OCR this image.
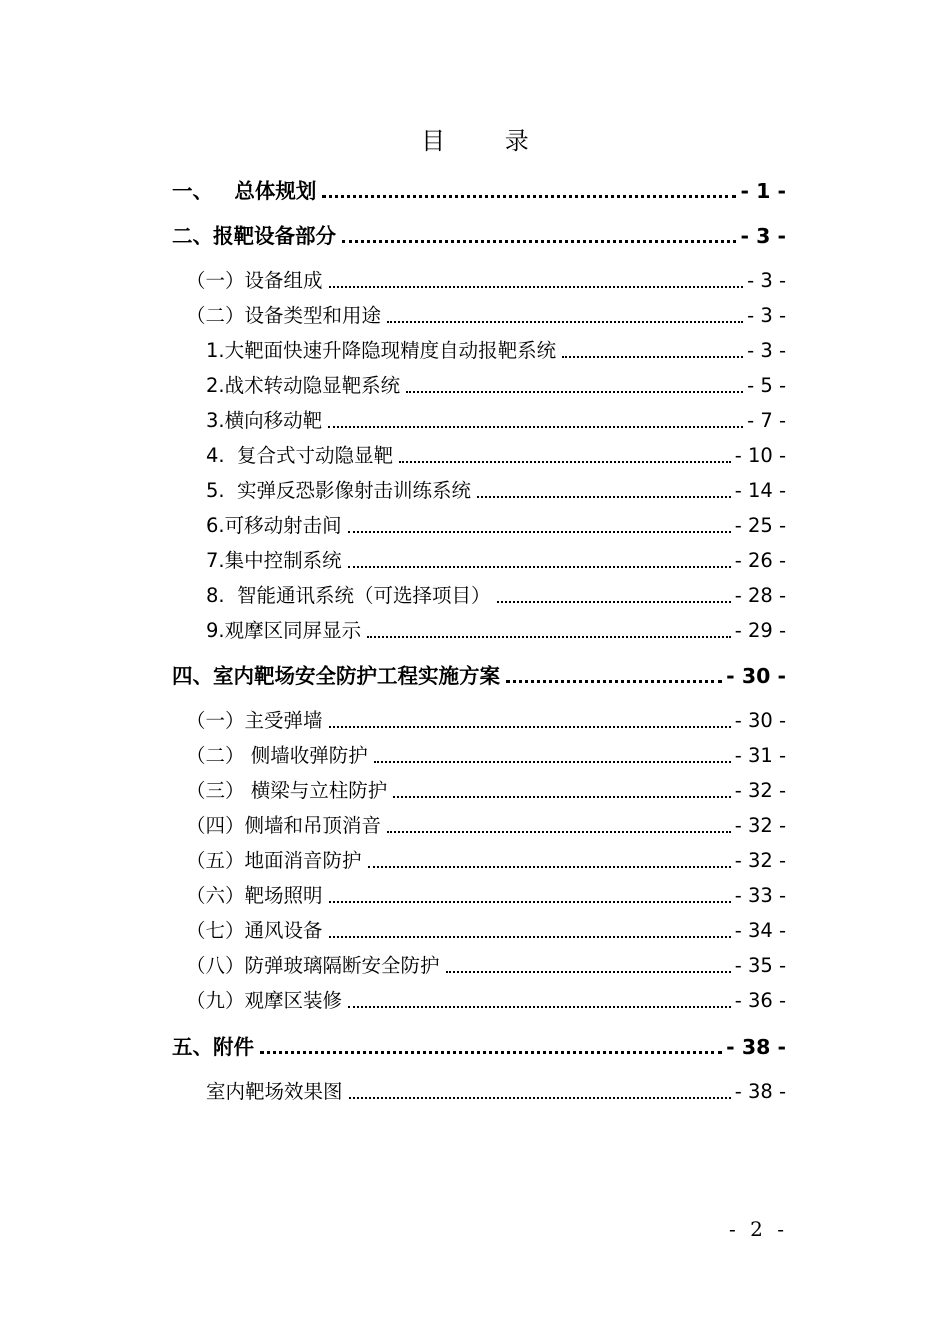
目 录
一、   总体规划	- 1 -
二、报靶设备部分	- 3 -
（一）设备组成	- 3 -
（二）设备类型和用途	- 3 -
1.大靶面快速升降隐现精度自动报靶系统	- 3 -
2.战术转动隐显靶系统	- 5 -
3.横向移动靶	- 7 -
4.  复合式寸动隐显靶	- 10 -
5.  实弹反恐影像射击训练系统	- 14 -
6.可移动射击间	- 25 -
7.集中控制系统	- 26 -
8.  智能通讯系统（可选择项目）	- 28 -
9.观摩区同屏显示	- 29 -
四、室内靶场安全防护工程实施方案	- 30 -
（一）主受弹墙	- 30 -
（二） 侧墙收弹防护	- 31 -
（三） 横梁与立柱防护	- 32 -
（四）侧墙和吊顶消音	- 32 -
（五）地面消音防护	- 32 -
（六）靶场照明	- 33 -
（七）通风设备	- 34 -
（八）防弹玻璃隔断安全防护	- 35 -
（九）观摩区装修	- 36 -
五、附件	- 38 -
室内靶场效果图	- 38 -
- 2 -
